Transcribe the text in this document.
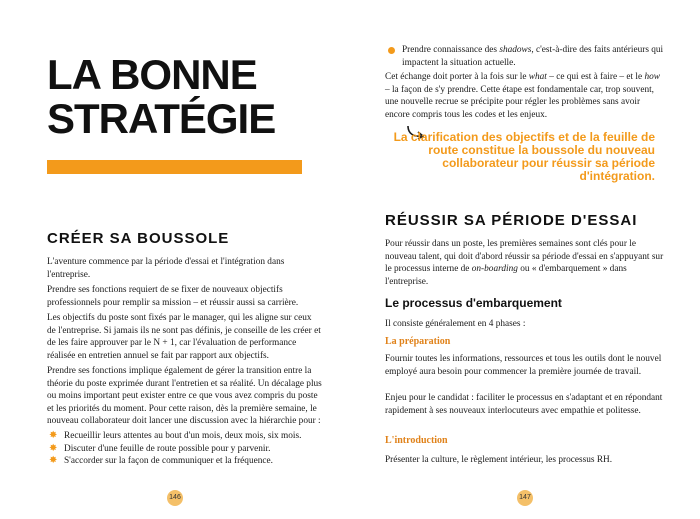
LA BONNE
STRATÉGIE
CRÉER SA BOUSSOLE

L'aventure commence par la période d'essai et l'intégration dans l'entreprise.

Prendre ses fonctions requiert de se fixer de nouveaux objectifs professionnels pour remplir sa mission – et réussir aussi sa carrière.

Les objectifs du poste sont fixés par le manager, qui les aligne sur ceux de l'entreprise. Si jamais ils ne sont pas définis, je conseille de les créer et de les faire approuver par le N + 1, car l'évaluation de performance réalisée en entretien annuel se fait par rapport aux objectifs.

Prendre ses fonctions implique également de gérer la transition entre la théorie du poste exprimée durant l'entretien et sa réalité. Un décalage plus ou moins important peut exister entre ce que vous avez compris du poste et les priorités du moment. Pour cette raison, dès la première semaine, le nouveau collaborateur doit lancer une discussion avec la hiérarchie pour :

✸ Recueillir leurs attentes au bout d'un mois, deux mois, six mois.
✸ Discuter d'une feuille de route possible pour y parvenir.
✸ S'accorder sur la façon de communiquer et la fréquence.
146
Prendre connaissance des shadows, c'est-à-dire des faits antérieurs qui impactent la situation actuelle.

Cet échange doit porter à la fois sur le what – ce qui est à faire – et le how – la façon de s'y prendre. Cette étape est fondamentale car, trop souvent, une nouvelle recrue se précipite pour régler les problèmes sans avoir encore compris tous les codes et les enjeux.

La clarification des objectifs et de la feuille de route constitue la boussole du nouveau collaborateur pour réussir sa période d'intégration.

RÉUSSIR SA PÉRIODE D'ESSAI

Pour réussir dans un poste, les premières semaines sont clés pour le nouveau talent, qui doit d'abord réussir sa période d'essai en s'appuyant sur le processus interne de on-boarding ou « d'embarquement » dans l'entreprise.

Le processus d'embarquement

Il consiste généralement en 4 phases :

La préparation

Fournir toutes les informations, ressources et tous les outils dont le nouvel employé aura besoin pour commencer la première journée de travail.

Enjeu pour le candidat : faciliter le processus en s'adaptant et en répondant rapidement à ses nouveaux interlocuteurs avec empathie et politesse.

L'introduction

Présenter la culture, le règlement intérieur, les processus RH.

147
